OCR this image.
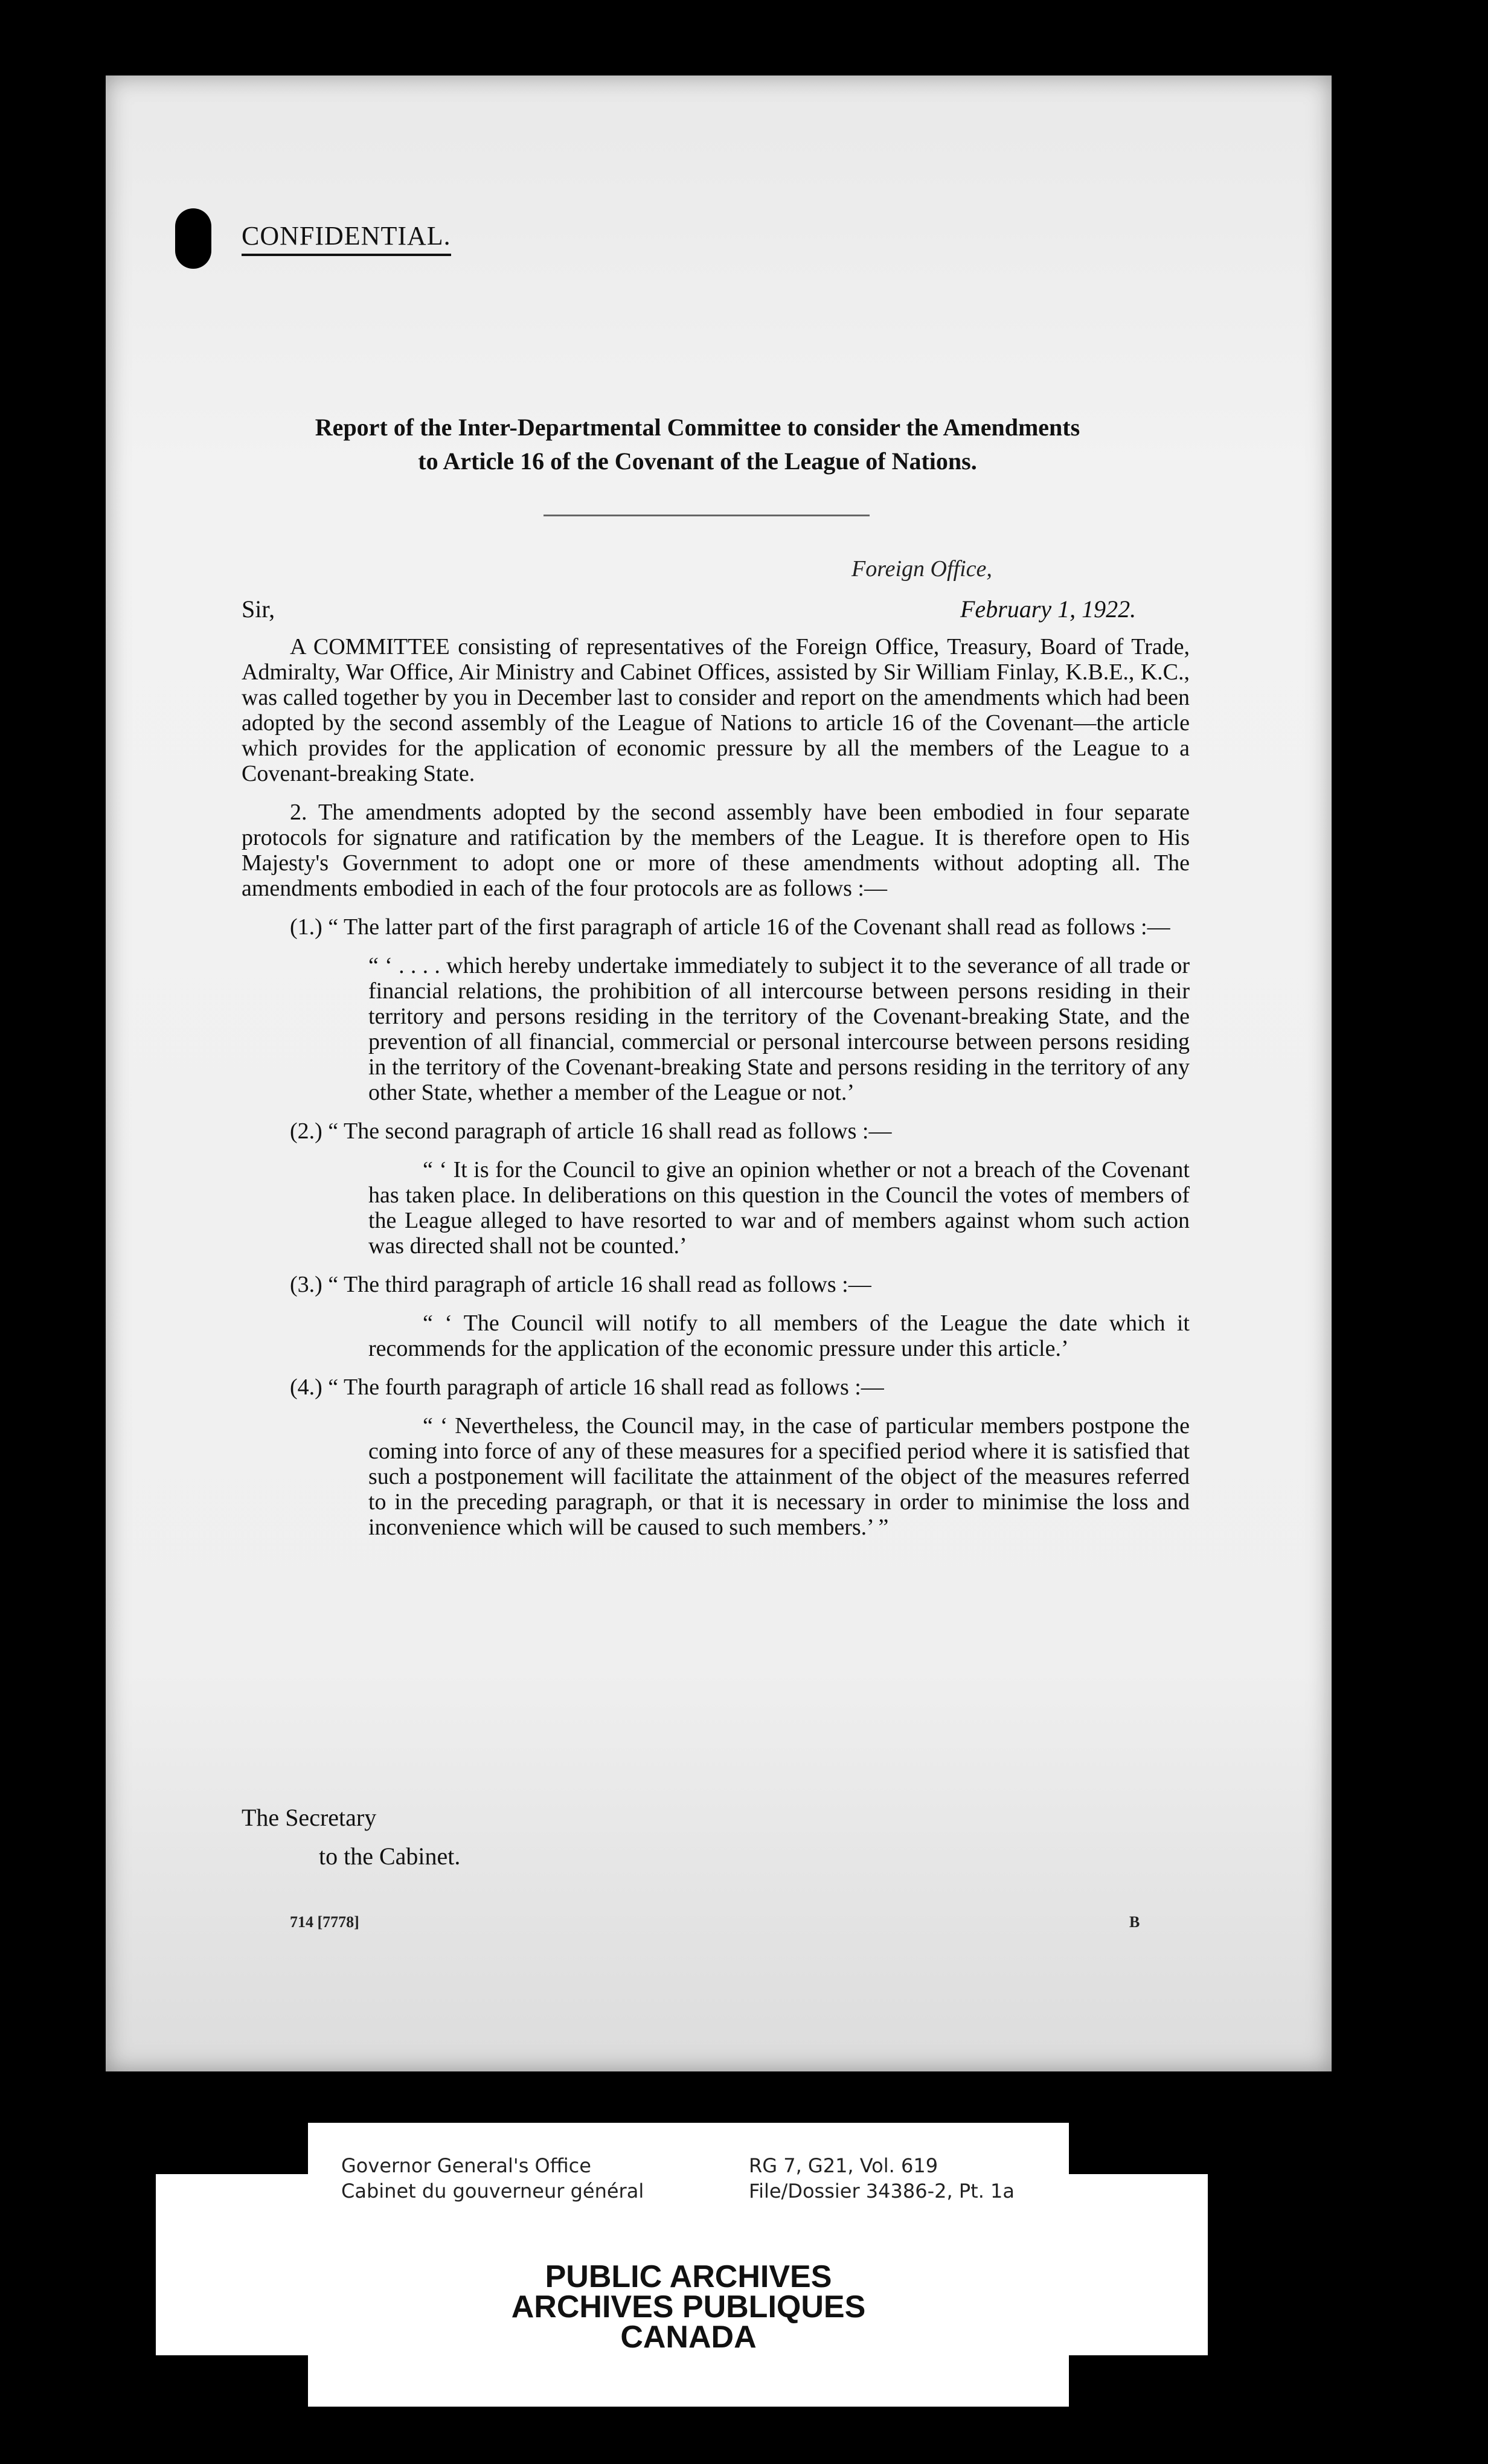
CONFIDENTIAL.
Report of the Inter-Departmental Committee to consider the Amendments
to Article 16 of the Covenant of the League of Nations.
Foreign Office,
Sir,	February 1, 1922.

A COMMITTEE consisting of representatives of the Foreign Office, Treasury, Board of Trade, Admiralty, War Office, Air Ministry and Cabinet Offices, assisted by Sir William Finlay, K.B.E., K.C., was called together by you in December last to consider and report on the amendments which had been adopted by the second assembly of the League of Nations to article 16 of the Covenant—the article which provides for the application of economic pressure by all the members of the League to a Covenant-breaking State.

2. The amendments adopted by the second assembly have been embodied in four separate protocols for signature and ratification by the members of the League. It is therefore open to His Majesty's Government to adopt one or more of these amendments without adopting all. The amendments embodied in each of the four protocols are as follows :—

(1.) “ The latter part of the first paragraph of article 16 of the Covenant shall read as follows :—

“ ‘ . . . . which hereby undertake immediately to subject it to the severance of all trade or financial relations, the prohibition of all intercourse between persons residing in their territory and persons residing in the territory of the Covenant-breaking State, and the prevention of all financial, commercial or personal intercourse between persons residing in the territory of the Covenant-breaking State and persons residing in the territory of any other State, whether a member of the League or not.’

(2.) “ The second paragraph of article 16 shall read as follows :—

“ ‘ It is for the Council to give an opinion whether or not a breach of the Covenant has taken place. In deliberations on this question in the Council the votes of members of the League alleged to have resorted to war and of members against whom such action was directed shall not be counted.’

(3.) “ The third paragraph of article 16 shall read as follows :—

“ ‘ The Council will notify to all members of the League the date which it recommends for the application of the economic pressure under this article.’

(4.) “ The fourth paragraph of article 16 shall read as follows :—

“ ‘ Nevertheless, the Council may, in the case of particular members postpone the coming into force of any of these measures for a specified period where it is satisfied that such a postponement will facilitate the attainment of the object of the measures referred to in the preceding paragraph, or that it is necessary in order to minimise the loss and inconvenience which will be caused to such members.’ ”

The Secretary
to the Cabinet.
714 [7778]	B
Governor General's Office
Cabinet du gouverneur général
RG 7, G21, Vol. 619
File/Dossier 34386-2, Pt. 1a
PUBLIC ARCHIVES
ARCHIVES PUBLIQUES
CANADA
